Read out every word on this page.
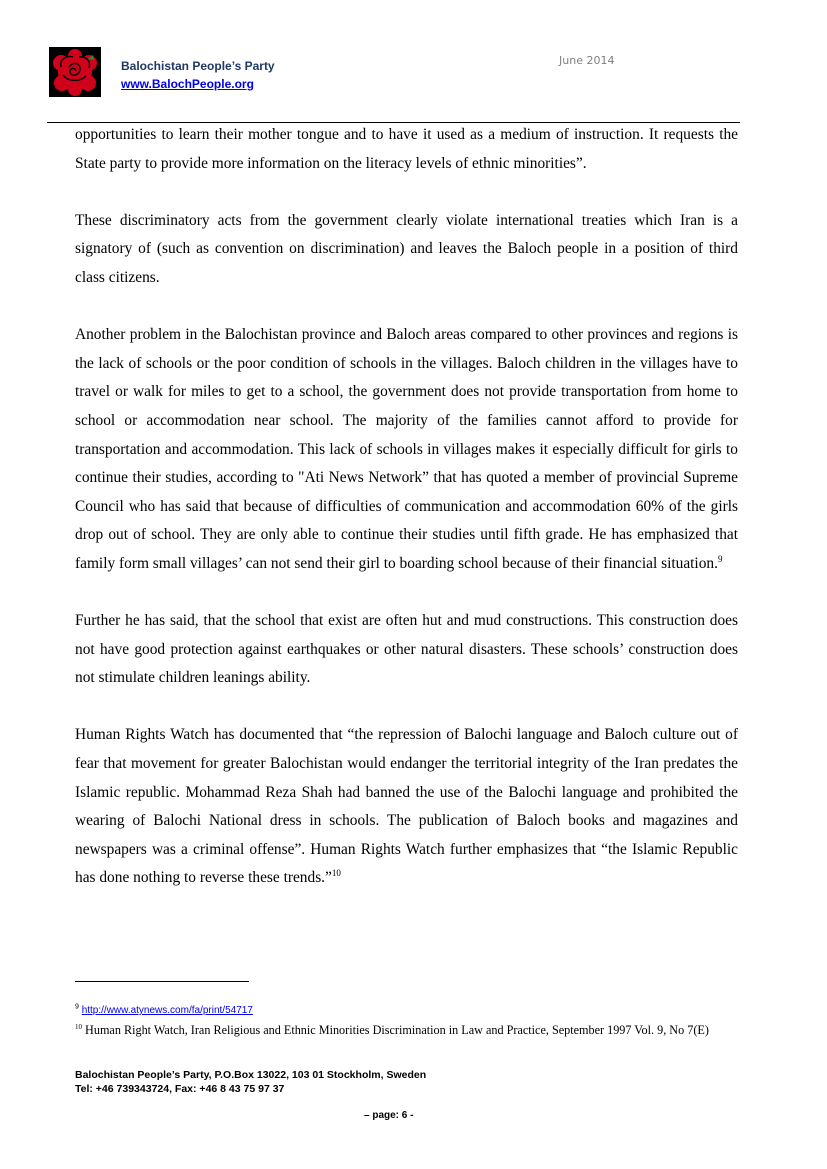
Balochistan People’s Party
www.BalochPeople.org
June 2014

opportunities to learn their mother tongue and to have it used as a medium of instruction. It requests the State party to provide more information on the literacy levels of ethnic minorities”.

These discriminatory acts from the government clearly violate international treaties which Iran is a signatory of (such as convention on discrimination) and leaves the Baloch people in a position of third class citizens.

Another problem in the Balochistan province and Baloch areas compared to other provinces and regions is the lack of schools or the poor condition of schools in the villages. Baloch children in the villages have to travel or walk for miles to get to a school, the government does not provide transportation from home to school or accommodation near school. The majority of the families cannot afford to provide for transportation and accommodation. This lack of schools in villages makes it especially difficult for girls to continue their studies, according to "Ati News Network” that has quoted a member of provincial Supreme Council who has said that because of difficulties of communication and accommodation 60% of the girls drop out of school. They are only able to continue their studies until fifth grade. He has emphasized that family form small villages’ can not send their girl to boarding school because of their financial situation.$^9$

Further he has said, that the school that exist are often hut and mud constructions. This construction does not have good protection against earthquakes or other natural disasters. These schools’ construction does not stimulate children leanings ability.

Human Rights Watch has documented that “the repression of Balochi language and Baloch culture out of fear that movement for greater Balochistan would endanger the territorial integrity of the Iran predates the Islamic republic. Mohammad Reza Shah had banned the use of the Balochi language and prohibited the wearing of Balochi National dress in schools. The publication of Baloch books and magazines and newspapers was a criminal offense”. Human Rights Watch further emphasizes that “the Islamic Republic has done nothing to reverse these trends.”$^{10}$

$^9$ http://www.atynews.com/fa/print/54717
$^{10}$ Human Right Watch, Iran Religious and Ethnic Minorities Discrimination in Law and Practice, September 1997 Vol. 9, No 7(E)
Balochistan People’s Party, P.O.Box 13022, 103 01 Stockholm, Sweden
Tel: +46 739343724, Fax: +46 8 43 75 97 37
– page: 6 -
